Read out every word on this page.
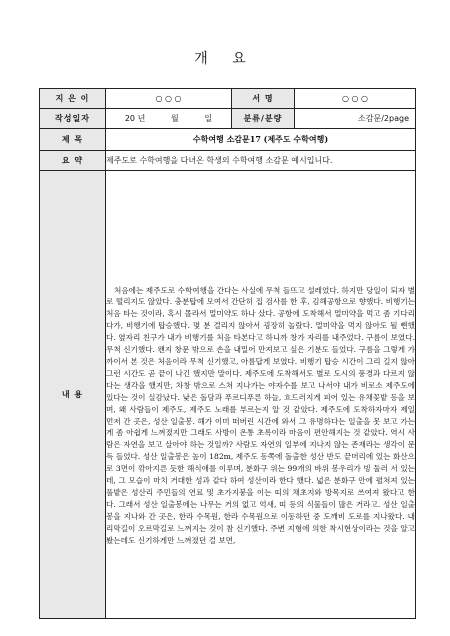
개 요
지 은 이	○ ○ ○	서 명	○ ○ ○
작성일자	20 년 월 일	분류/분량	소감문/2page
제 목	수학여행 소감문17 (제주도 수학여행)		
요 약	제주도로 수학여행을 다녀온 학생의 수학여행 소감문 예시입니다.		
내 용	처음에는 제주도로 수학여행을 간다는 사실에 무척 들뜨고 설레었다. 하지만 당일이 되자 별로 떨리지도 않았다. 충분탑에 모여서 간단히 집 검사를 한 후, 김해공항으로 향했다. 비행기는 처음 타는 것이라, 혹시 몰라서 멀미약도 하나 샀다. 공항에 도착해서 멀미약을 먹고 좀 기다리다가, 비행기에 탑승했다. 몇 분 걸리지 않아서 굉장히 놀랐다. 멀미약을 먹지 않아도 될 뻔했다. 옆자리 친구가 내가 비행기를 처음 타본다고 하니까 창가 자리를 내주었다. 구름이 보였다. 무척 신기했다. 왠지 창문 밖으로 손을 내밀어 만져보고 싶은 기분도 들었다. 구름을 그렇게 가까이서 본 것은 처음이라 무척 신기했고, 아름답게 보였다. 비행기 탑승 시간이 그리 길지 않아 그런 시간도 곧 끝이 나긴 했지만 말이다. 제주도에 도착해서도 별로 도시의 풍경과 다르지 않다는 생각을 했지만, 차창 밖으로 스쳐 지나가는 야자수를 보고 나서야 내가 비로소 제주도에 있다는 것이 실감났다. 낮은 돌담과 푸르디푸른 하늘, 흐드러지게 피어 있는 유채꽃밭 등을 보며, 왜 사람들이 제주도, 제주도 노래를 부르는지 알 것 같았다. 제주도에 도착하자마자 제일 먼저 간 곳은, 성산 일출봉. 해가 이미 떠버린 시간에 와서 그 유명하다는 일출을 못 보고 가는 게 좀 아쉽게 느껴졌지만 그래도 사방이 온통 초록이라 마음이 편안해지는 것 같았다. 역시 사람은 자연을 보고 살아야 하는 것일까? 사람도 자연의 일부에 지나지 않는 존재라는 생각이 문득 들었다. 성산 일출봉은 높이 182m, 제주도 동쪽에 돌출한 성산 반도 끝머리에 있는 화산으로 3면이 깎아지른 듯한 해식애를 이루며, 분화구 위는 99개의 바위 봉우리가 빙 둘러 서 있는데, 그 모습이 마치 거대한 성과 같다 하여 성산이라 한다 했다. 넓은 분화구 안에 펼쳐져 있는 풀밭은 성산리 주민들의 연료 및 초가지붕을 이는 띠의 채초지와 방목지로 쓰여져 왔다고 한다. 그래서 성산 일출봉에는 나무는 거의 없고 억새, 띠 등의 식물들이 많은 거라고. 성산 일출봉을 지나와 간 곳은, 한라 수목원, 한라 수목원으로 이동하던 중 도깨비 도로를 지나왔다. 내리막길이 오르막길로 느껴지는 것이 참 신기했다. 주변 지형에 의한 착시현상이라는 것을 알고 봤는데도 신기하게만 느껴졌던 걸 보면,		
